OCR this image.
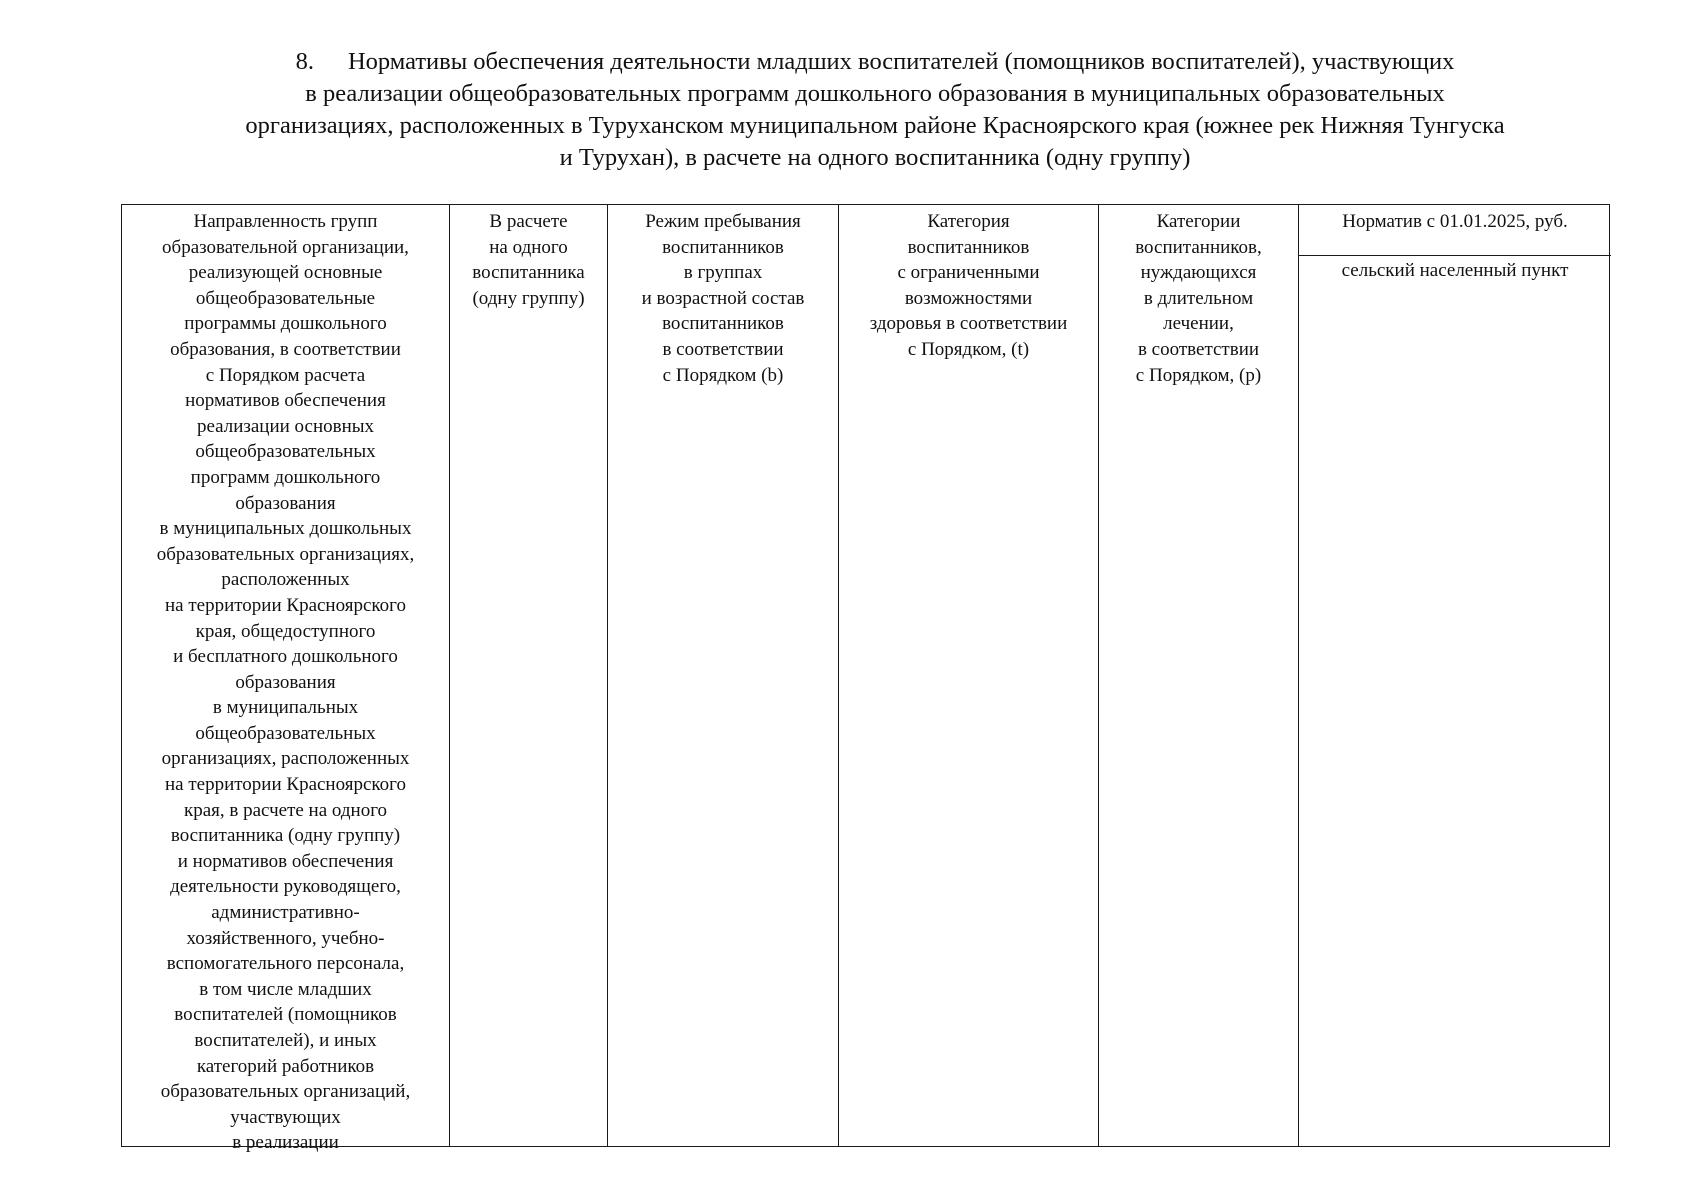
8. Нормативы обеспечения деятельности младших воспитателей (помощников воспитателей), участвующих
в реализации общеобразовательных программ дошкольного образования в муниципальных образовательных
организациях, расположенных в Туруханском муниципальном районе Красноярского края (южнее рек Нижняя Тунгуска
и Турухан), в расчете на одного воспитанника (одну группу)
Направленность групп
образовательной организации,
реализующей основные
общеобразовательные
программы дошкольного
образования, в соответствии
с Порядком расчета
нормативов обеспечения
реализации основных
общеобразовательных
программ дошкольного
образования
в муниципальных дошкольных
образовательных организациях,
расположенных
на территории Красноярского
края, общедоступного
и бесплатного дошкольного
образования
в муниципальных
общеобразовательных
организациях, расположенных
на территории Красноярского
края, в расчете на одного
воспитанника (одну группу)
и нормативов обеспечения
деятельности руководящего,
административно-
хозяйственного, учебно-
вспомогательного персонала,
в том числе младших
воспитателей (помощников
воспитателей), и иных
категорий работников
образовательных организаций,
участвующих
в реализации
В расчете
на одного
воспитанника
(одну группу)
Режим пребывания
воспитанников
в группах
и возрастной состав
воспитанников
в соответствии
с Порядком (b)
Категория
воспитанников
с ограниченными
возможностями
здоровья в соответствии
с Порядком, (t)
Категории
воспитанников,
нуждающихся
в длительном
лечении,
в соответствии
с Порядком, (p)
Норматив с 01.01.2025, руб.
сельский населенный пункт
